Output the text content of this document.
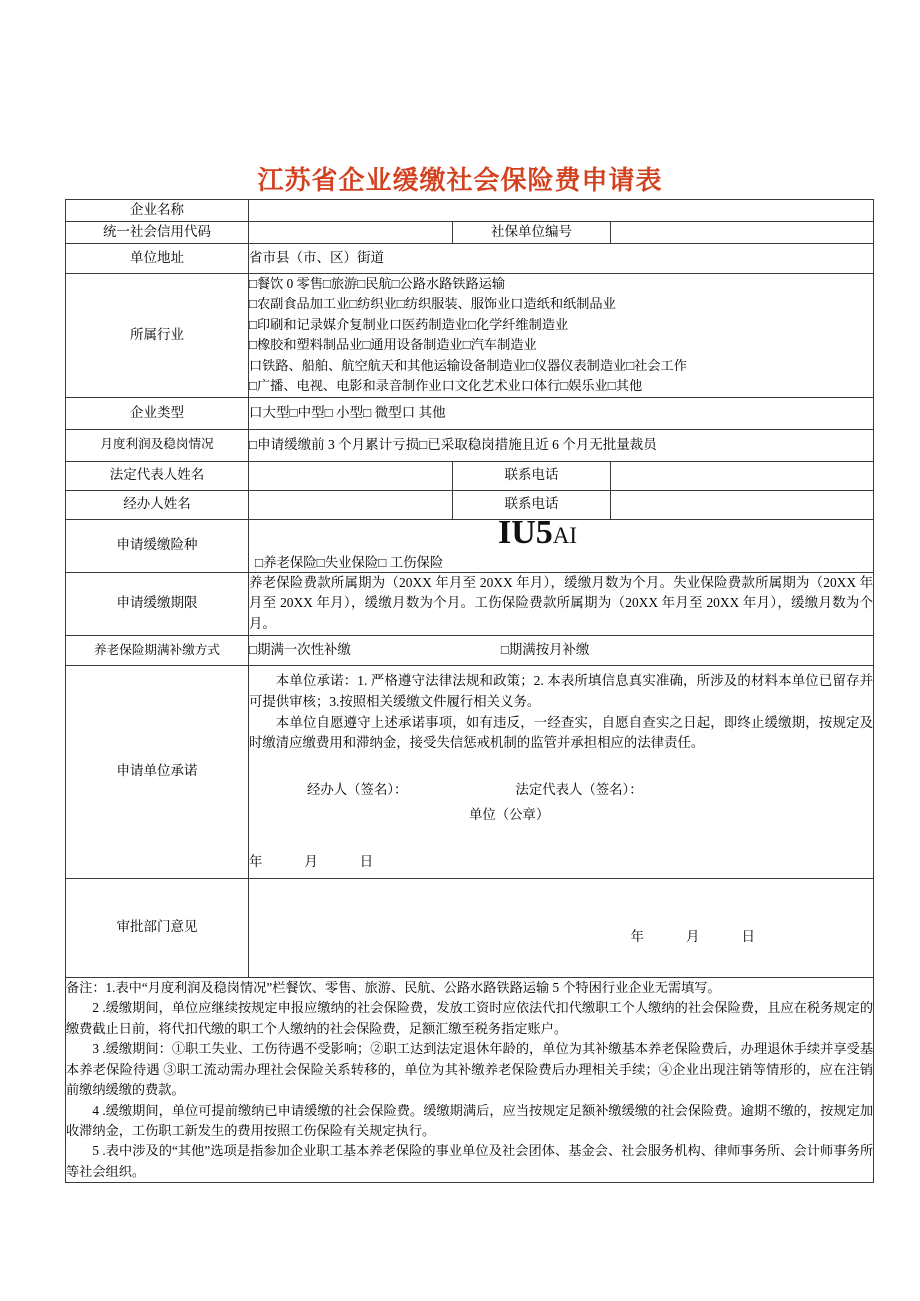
江苏省企业缓缴社会保险费申请表
企业名称			
统一社会信用代码		社保单位编号	
单位地址	省市县（市、区）街道		
所属行业	
□餐饮 0 零售□旅游□民航□公路水路铁路运输
□农副食品加工业□纺织业□纺织服装、服饰业口造纸和纸制品业
□印刷和记录媒介复制业口医药制造业□化学纤维制造业
□橡胶和塑料制品业□通用设备制造业□汽车制造业
口铁路、船舶、航空航天和其他运输设备制造业□仪器仪表制造业□社会工作
□广播、电视、电影和录音制作业口文化艺术业口体行□娱乐业□其他

企业类型	口大型□中型□ 小型□ 微型口 其他		
月度利润及稳岗情况	□申请缓缴前 3 个月累计亏损□已采取稳岗措施且近 6 个月无批量裁员		
法定代表人姓名		联系电话	
经办人姓名		联系电话	
申请缓缴险种	□养老保险□失业保险□ 工伤保险		

申请缓缴期限	养老保险费款所属期为（20XX 年月至 20XX 年月），缓缴月数为个月。失业保险费款所属期为（20XX 年月至 20XX 年月），缓缴月数为个月。工伤保险费款所属期为（20XX 年月至 20XX 年月），缓缴月数为个月。		
养老保险期满补缴方式	□期满一次性补缴 □期满按月补缴		
申请单位承诺	本单位承诺：1. 严格遵守法律法规和政策；2. 本表所填信息真实准确，所涉及的材料本单位已留存并可提供审核；3.按照相关缓缴文件履行相关义务。

本单位自愿遵守上述承诺事项，如有违反，一经查实，自愿自查实之日起，即终止缓缴期，按规定及时缴清应缴费用和滞纳金，接受失信惩戒机制的监管并承担相应的法律责任。

经办人（签名）： 法定代表人（签名）：
单位（公章）
年 月 日		

审批部门意见	年 月 日		

备注：1.表中“月度利润及稳岗情况”栏餐饮、零售、旅游、民航、公路水路铁路运输 5 个特困行业企业无需填写。

2 .缓缴期间，单位应继续按规定申报应缴纳的社会保险费，发放工资时应依法代扣代缴职工个人缴纳的社会保险费，且应在税务规定的缴费截止日前，将代扣代缴的职工个人缴纳的社会保险费，足额汇缴至税务指定账户。

3 .缓缴期间：①职工失业、工伤待遇不受影响；②职工达到法定退休年龄的，单位为其补缴基本养老保险费后，办理退休手续并享受基本养老保险待遇 ③职工流动需办理社会保险关系转移的，单位为其补缴养老保险费后办理相关手续；④企业出现注销等情形的，应在注销前缴纳缓缴的费款。

4 .缓缴期间，单位可提前缴纳已申请缓缴的社会保险费。缓缴期满后，应当按规定足额补缴缓缴的社会保险费。逾期不缴的，按规定加收滞纳金，工伤职工新发生的费用按照工伤保险有关规定执行。

5 .表中涉及的“其他”选项是指参加企业职工基本养老保险的事业单位及社会团体、基金会、社会服务机构、律师事务所、会计师事务所等社会组织。			

IU5AI
